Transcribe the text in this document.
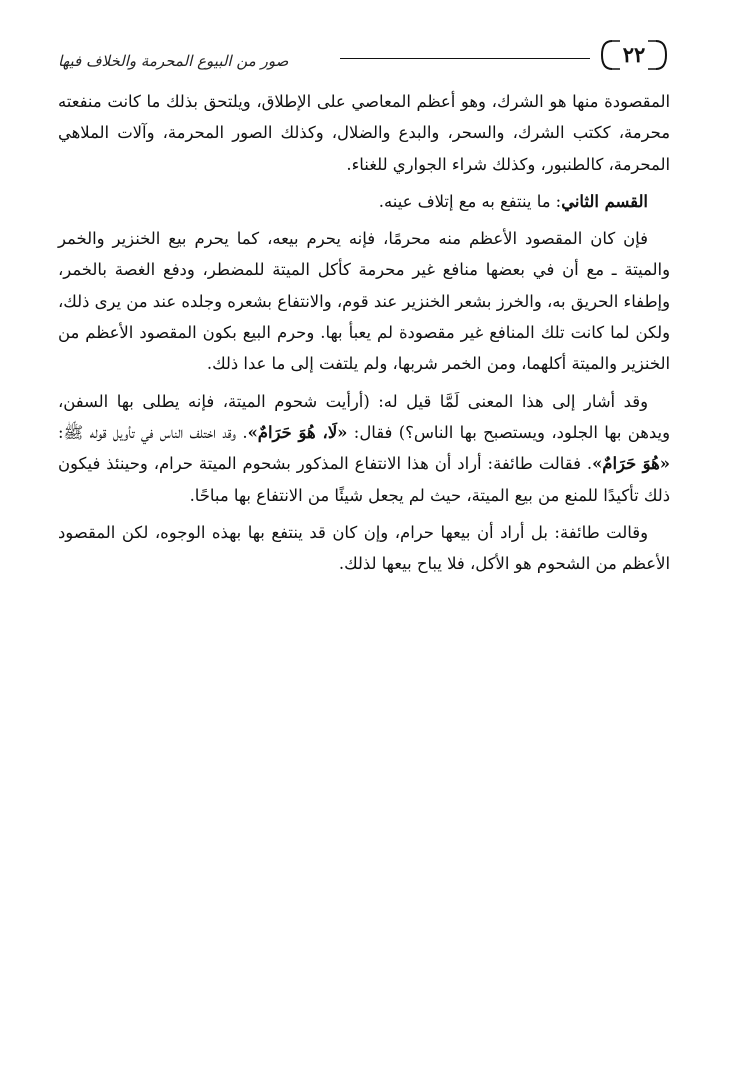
٢٢
صور من البيوع المحرمة والخلاف فيها

المقصودة منها هو الشرك، وهو أعظم المعاصي على الإطلاق، ويلتحق بذلك ما كانت منفعته محرمة، ككتب الشرك، والسحر، والبدع والضلال، وكذلك الصور المحرمة، وآلات الملاهي المحرمة، كالطنبور، وكذلك شراء الجواري للغناء.

القسم الثاني: ما ينتفع به مع إتلاف عينه.

فإن كان المقصود الأعظم منه محرمًا، فإنه يحرم بيعه، كما يحرم بيع الخنزير والخمر والميتة ـ مع أن في بعضها منافع غير محرمة كأكل الميتة للمضطر، ودفع الغصة بالخمر، وإطفاء الحريق به، والخرز بشعر الخنزير عند قوم، والانتفاع بشعره وجلده عند من يرى ذلك، ولكن لما كانت تلك المنافع غير مقصودة لم يعبأ بها. وحرم البيع بكون المقصود الأعظم من الخنزير والميتة أكلهما، ومن الخمر شربها، ولم يلتفت إلى ما عدا ذلك.

وقد أشار إلى هذا المعنى لَمَّا قيل له: (أرأيت شحوم الميتة، فإنه يطلى بها السفن، ويدهن بها الجلود، ويستصبح بها الناس؟) فقال: «لَا، هُوَ حَرَامٌ». وقد اختلف الناس في تأويل قوله ﷺ: «هُوَ حَرَامٌ». فقالت طائفة: أراد أن هذا الانتفاع المذكور بشحوم الميتة حرام، وحينئذ فيكون ذلك تأكيدًا للمنع من بيع الميتة، حيث لم يجعل شيئًا من الانتفاع بها مباحًا.

وقالت طائفة: بل أراد أن بيعها حرام، وإن كان قد ينتفع بها بهذه الوجوه، لكن المقصود الأعظم من الشحوم هو الأكل، فلا يباح بيعها لذلك.
